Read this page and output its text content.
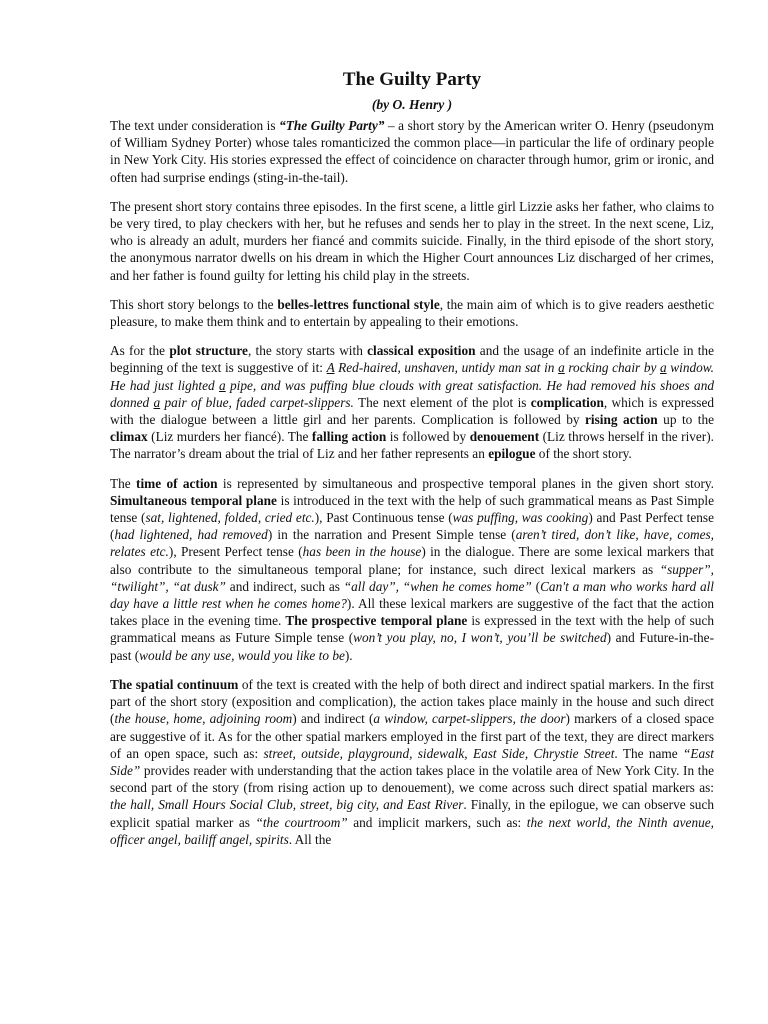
The Guilty Party
(by O. Henry )

The text under consideration is “The Guilty Party” – a short story by the American writer O. Henry (pseudonym of William Sydney Porter) whose tales romanticized the common place—in particular the life of ordinary people in New York City. His stories expressed the effect of coincidence on character through humor, grim or ironic, and often had surprise endings (sting-in-the-tail).

The present short story contains three episodes. In the first scene, a little girl Lizzie asks her father, who claims to be very tired, to play checkers with her, but he refuses and sends her to play in the street. In the next scene, Liz, who is already an adult, murders her fiancé and commits suicide. Finally, in the third episode of the short story, the anonymous narrator dwells on his dream in which the Higher Court announces Liz discharged of her crimes, and her father is found guilty for letting his child play in the streets.

This short story belongs to the belles-lettres functional style, the main aim of which is to give readers aesthetic pleasure, to make them think and to entertain by appealing to their emotions.

As for the plot structure, the story starts with classical exposition and the usage of an indefinite article in the beginning of the text is suggestive of it: A Red-haired, unshaven, untidy man sat in a rocking chair by a window. He had just lighted a pipe, and was puffing blue clouds with great satisfaction. He had removed his shoes and donned a pair of blue, faded carpet-slippers. The next element of the plot is complication, which is expressed with the dialogue between a little girl and her parents. Complication is followed by rising action up to the climax (Liz murders her fiancé). The falling action is followed by denouement (Liz throws herself in the river). The narrator’s dream about the trial of Liz and her father represents an epilogue of the short story.

The time of action is represented by simultaneous and prospective temporal planes in the given short story. Simultaneous temporal plane is introduced in the text with the help of such grammatical means as Past Simple tense (sat, lightened, folded, cried etc.), Past Continuous tense (was puffing, was cooking) and Past Perfect tense (had lightened, had removed) in the narration and Present Simple tense (aren’t tired, don’t like, have, comes, relates etc.), Present Perfect tense (has been in the house) in the dialogue. There are some lexical markers that also contribute to the simultaneous temporal plane; for instance, such direct lexical markers as “supper”, “twilight”, “at dusk” and indirect, such as “all day”, “when he comes home” (Can't a man who works hard all day have a little rest when he comes home?). All these lexical markers are suggestive of the fact that the action takes place in the evening time. The prospective temporal plane is expressed in the text with the help of such grammatical means as Future Simple tense (won’t you play, no, I won’t, you’ll be switched) and Future-in-the-past (would be any use, would you like to be).

The spatial continuum of the text is created with the help of both direct and indirect spatial markers. In the first part of the short story (exposition and complication), the action takes place mainly in the house and such direct (the house, home, adjoining room) and indirect (a window, carpet-slippers, the door) markers of a closed space are suggestive of it. As for the other spatial markers employed in the first part of the text, they are direct markers of an open space, such as: street, outside, playground, sidewalk, East Side, Chrystie Street. The name “East Side” provides reader with understanding that the action takes place in the volatile area of New York City. In the second part of the story (from rising action up to denouement), we come across such direct spatial markers as: the hall, Small Hours Social Club, street, big city, and East River. Finally, in the epilogue, we can observe such explicit spatial marker as “the courtroom” and implicit markers, such as: the next world, the Ninth avenue, officer angel, bailiff angel, spirits. All the
